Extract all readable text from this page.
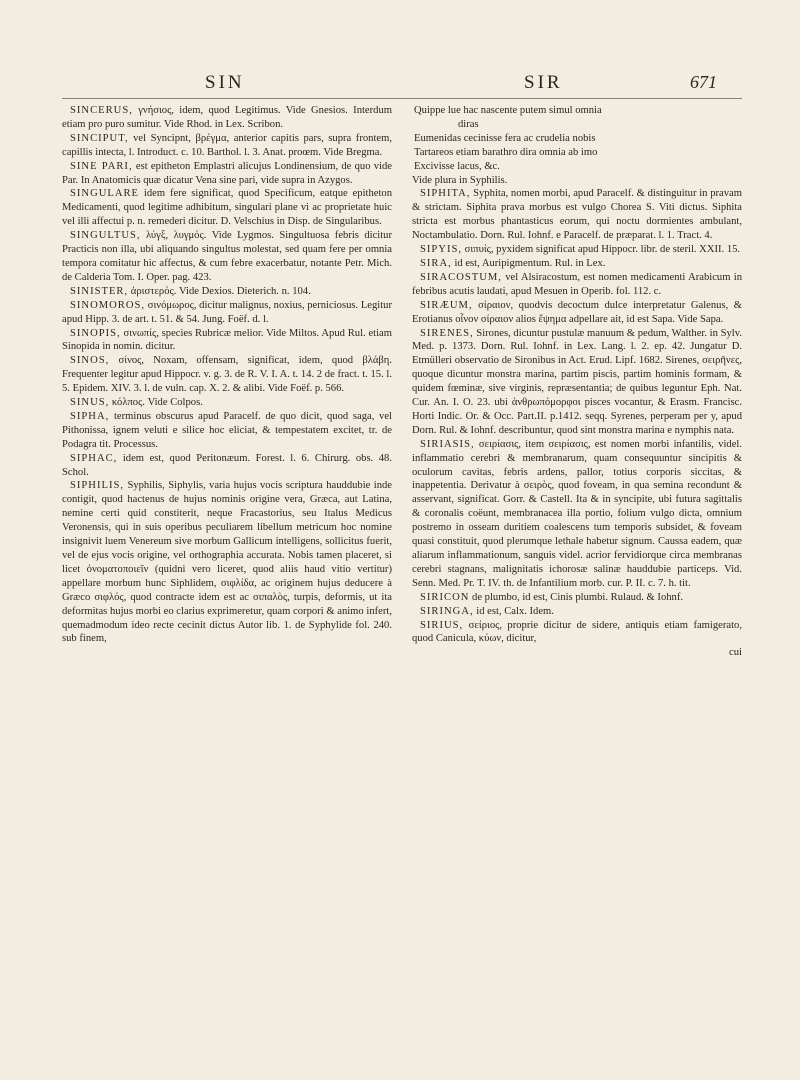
SIN	SIR	671

SINCERUS, γνήσιος, idem, quod Legitimus. Vide Gnesios. Interdum etiam pro puro sumitur. Vide Rhod. in Lex. Scribon.

SINCIPUT, vel Syncipnt, βρέγμα, anterior capitis pars, supra frontem, capillis intecta, l. Introduct. c. 10. Barthol. l. 3. Anat. proœm. Vide Bregma.

SINE PARI, est epitheton Emplastri alicujus Londinensium, de quo vide Par. In Anatomicis quæ dicatur Vena sine pari, vide supra in Azygos.

SINGULARE idem fere significat, quod Specificum, eatque epitheton Medicamenti, quod legitime adhibitum, singulari plane vi ac proprietate huic vel illi affectui p. n. remederi dicitur. D. Velschius in Disp. de Singularibus.

SINGULTUS, λύγξ, λυγμός. Vide Lygmos. Singultuosa febris dicitur Practicis non illa, ubi aliquando singultus molestat, sed quam fere per omnia tempora comitatur hic affectus, & cum febre exacerbatur, notante Petr. Mich. de Calderia Tom. I. Oper. pag. 423.

SINISTER, ἀριστερός. Vide Dexios. Dieterich. n. 104.

SINOMOROS, σινόμωρος, dicitur malignus, noxius, perniciosus. Legitur apud Hipp. 3. de art. t. 51. & 54. Jung. Foëf. d. l.

SINOPIS, σινωπίς, species Rubricæ melior. Vide Miltos. Apud Rul. etiam Sinopida in nomin. dicitur.

SINOS, σίνος, Noxam, offensam, significat, idem, quod βλάβη. Frequenter legitur apud Hippocr. v. g. 3. de R. V. I. A. t. 14. 2 de fract. t. 15. l. 5. Epidem. XIV. 3. l. de vuln. cap. X. 2. & alibi. Vide Foëf. p. 566.

SINUS, κόλπος. Vide Colpos.

SIPHA, terminus obscurus apud Paracelf. de quo dicit, quod saga, vel Pithonissa, ignem veluti e silice hoc eliciat, & tempestatem excitet, tr. de Podagra tit. Processus.

SIPHAC, idem est, quod Peritonæum. Forest. l. 6. Chirurg. obs. 48. Schol.

SIPHILIS, Syphilis, Siphylis, varia hujus vocis scriptura hauddubie inde contigit, quod hactenus de hujus nominis origine vera, Græca, aut Latina, nemine certi quid constiterit, neque Fracastorius, seu Italus Medicus Veronensis, qui in suis operibus peculiarem libellum metricum hoc nomine insignivit luem Venereum sive morbum Gallicum intelligens, sollicitus fuerit, vel de ejus vocis origine, vel orthographia accurata. Nobis tamen placeret, si licet ὀνοματοποιεῖν (quidni vero liceret, quod aliis haud vitio vertitur) appellare morbum hunc Siphlidem, σιφλίδα, ac originem hujus deducere à Græco σιφλός, quod contracte idem est ac σιπαλὸς, turpis, deformis, ut ita deformitas hujus morbi eo clarius exprimeretur, quam corpori & animo infert, quemadmodum ideo recte cecinit dictus Autor lib. 1. de Syphylide fol. 240. sub finem,

Quippe lue hac nascente putem simul omnia
diras
Eumenidas cecinisse fera ac crudelia nobis
Tartareos etiam barathro dira omnia ab imo
Excivisse lacus, &c.

Vide plura in Syphilis.

SIPHITA, Syphita, nomen morbi, apud Paracelf. & distinguitur in pravam & strictam. Siphita prava morbus est vulgo Chorea S. Viti dictus. Siphita stricta est morbus phantasticus eorum, qui noctu dormientes ambulant, Noctambulatio. Dorn. Rul. Iohnf. e Paracelf. de præparat. l. 1. Tract. 4.

SIPYIS, σιπυίς, pyxidem significat apud Hippocr. libr. de steril. XXII. 15.

SIRA, id est, Auripigmentum. Rul. in Lex.

SIRACOSTUM, vel Alsiracostum, est nomen medicamenti Arabicum in febribus acutis laudati, apud Mesuen in Operib. fol. 112. c.

SIRÆUM, σίραιον, quodvis decoctum dulce interpretatur Galenus, & Erotianus οἶνον σίραιον alios ἕψημα adpellare ait, id est Sapa. Vide Sapa.

SIRENES, Sirones, dicuntur pustulæ manuum & pedum, Walther. in Sylv. Med. p. 1373. Dorn. Rul. Iohnf. in Lex. Lang. l. 2. ep. 42. Jungatur D. Etmülleri observatio de Sironibus in Act. Erud. Lipf. 1682. Sirenes, σειρῆνες, quoque dicuntur monstra marina, partim piscis, partim hominis formam, & quidem fœminæ, sive virginis, repræsentantia; de quibus leguntur Eph. Nat. Cur. An. I. O. 23. ubi ἀνθρωπόμορφοι pisces vocantur, & Erasm. Francisc. Horti Indic. Or. & Occ. Part.II. p.1412. seqq. Syrenes, perperam per y, apud Dorn. Rul. & Iohnf. describuntur, quod sint monstra marina e nymphis nata.

SIRIASIS, σειρίασις, item σειρίασις, est nomen morbi infantilis, videl. inflammatio cerebri & membranarum, quam consequuntur sincipitis & oculorum cavitas, febris ardens, pallor, totius corporis siccitas, & inappetentia. Derivatur à σειρὸς, quod foveam, in qua semina recondunt & asservant, significat. Gorr. & Castell. Ita & in syncipite, ubi futura sagittalis & coronalis coëunt, membranacea illa portio, folium vulgo dicta, omnium postremo in osseam duritiem coalescens tum temporis subsidet, & foveam quasi constituit, quod plerumque lethale habetur signum. Caussa eadem, quæ aliarum inflammationum, sanguis videl. acrior fervidiorque circa membranas cerebri stagnans, malignitatis ichorosæ salinæ hauddubie particeps. Vid. Senn. Med. Pr. T. IV. th. de Infantilium morb. cur. P. II. c. 7. h. tit.

SIRICON de plumbo, id est, Cinis plumbi. Rulaud. & Iohnf.

SIRINGA, id est, Calx. Idem.

SIRIUS, σείριος, proprie dicitur de sidere, antiquis etiam famigerato, quod Canicula, κύων, dicitur,

cui
